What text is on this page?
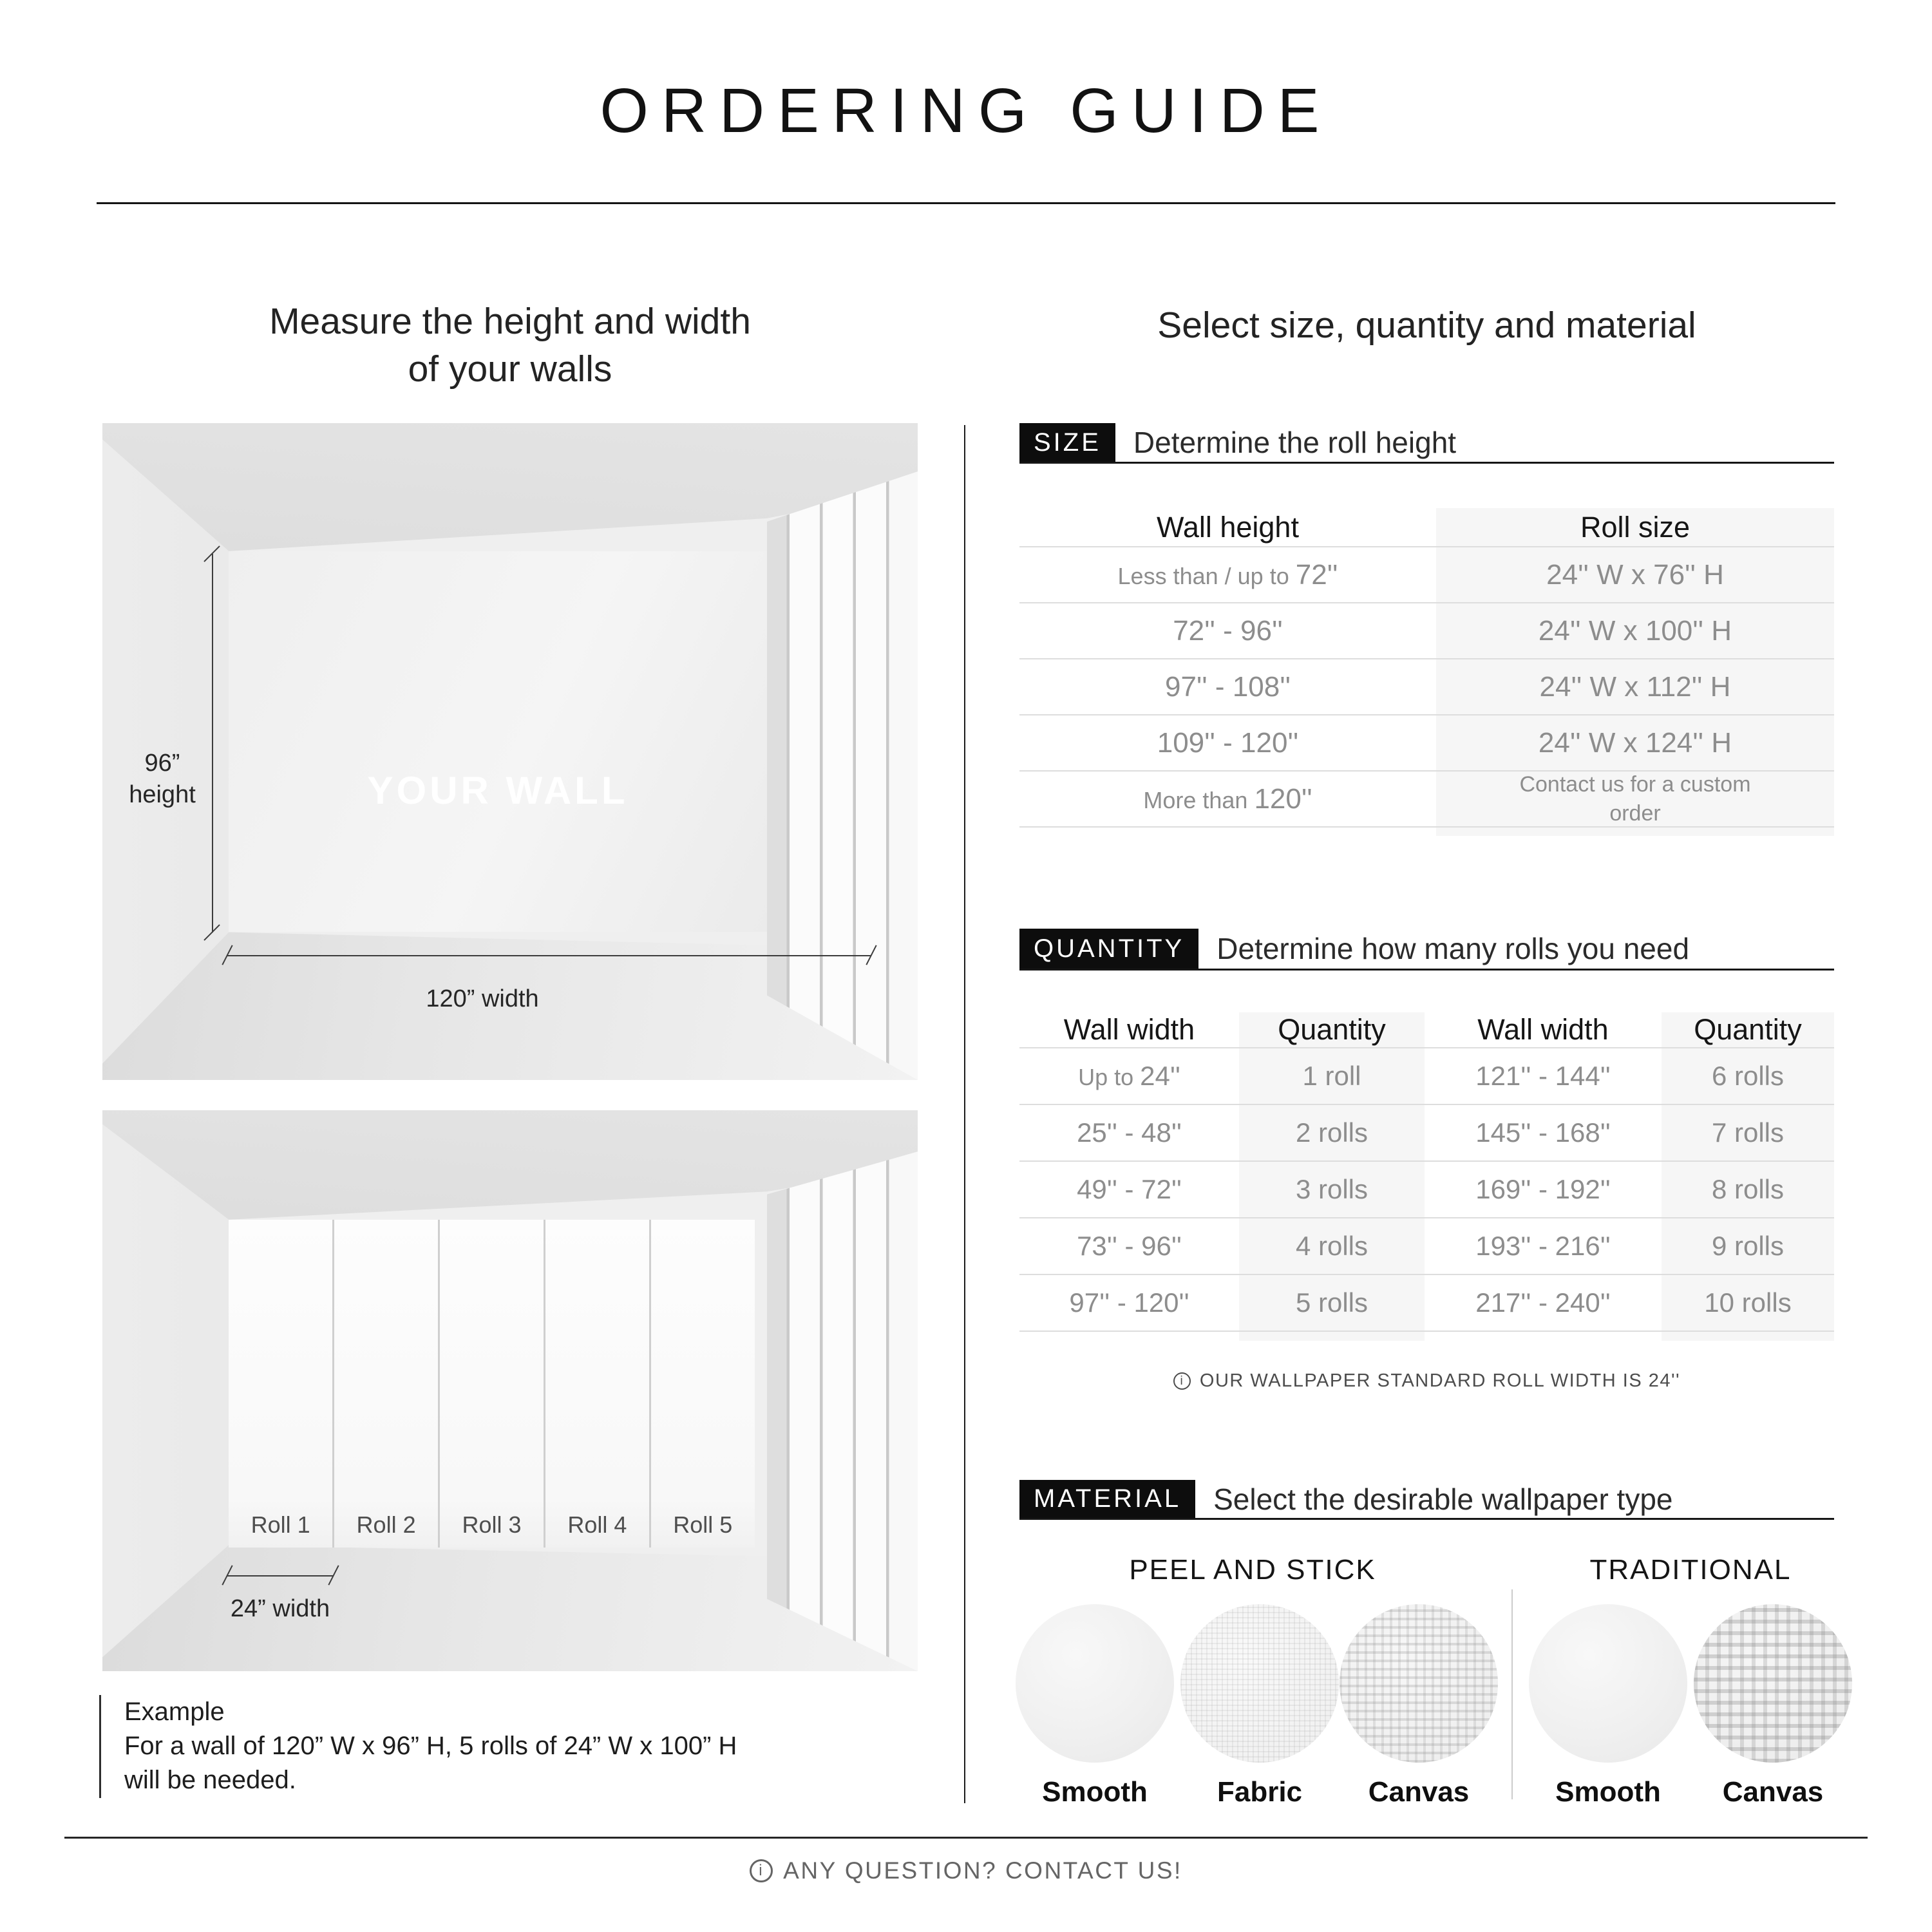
ORDERING GUIDE
Measure the height and width
of your walls
YOUR WALL
96”
height
120” width
Roll 1	Roll 2	Roll 3	Roll 4	Roll 5
24” width
Example
For a wall of 120” W x 96” H, 5 rolls of 24” W x 100” H
will be needed.
Select size, quantity and material
SIZE	Determine the roll height
Wall height	Roll size
Less than / up to 72''	24'' W x 76'' H
72'' - 96''	24'' W x 100'' H
97'' - 108''	24'' W x 112'' H
109'' - 120''	24'' W x 124'' H
More than 120''	Contact us for a custom order
QUANTITY	Determine how many rolls you need
Wall width	Quantity	Wall width	Quantity
Up to 24''	1 roll	121'' - 144''	6 rolls
25'' - 48''	2 rolls	145'' - 168''	7 rolls
49'' - 72''	3 rolls	169'' - 192''	8 rolls
73'' - 96''	4 rolls	193'' - 216''	9 rolls
97'' - 120''	5 rolls	217'' - 240''	10 rolls
i OUR WALLPAPER STANDARD ROLL WIDTH IS 24''
MATERIAL	Select the desirable wallpaper type
PEEL AND STICK	TRADITIONAL
Smooth	Fabric	Canvas	Smooth	Canvas
i ANY QUESTION? CONTACT US!
